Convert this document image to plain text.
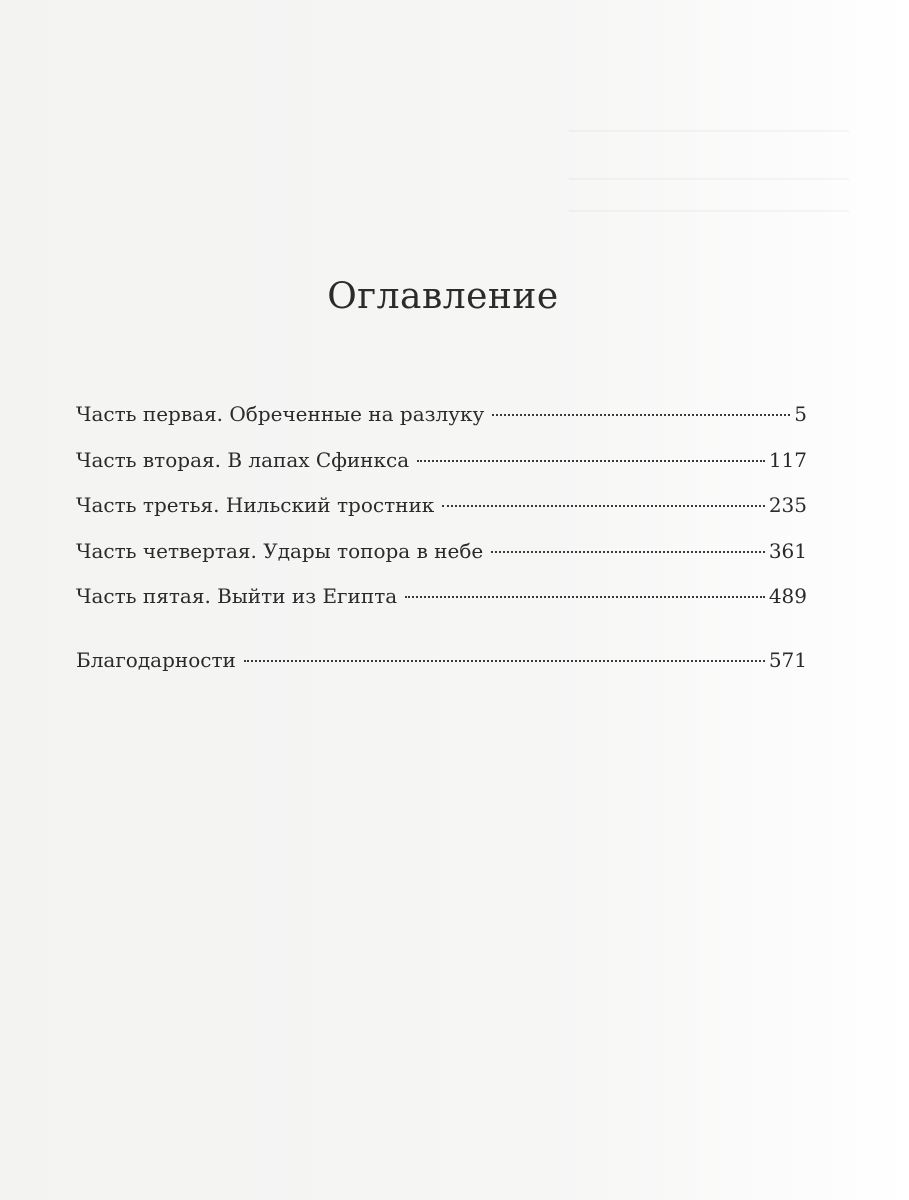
Оглавление
Часть первая. Обреченные на разлуку	5
Часть вторая. В лапах Сфинкса	117
Часть третья. Нильский тростник	235
Часть четвертая. Удары топора в небе	361
Часть пятая. Выйти из Египта	489
Благодарности	571
